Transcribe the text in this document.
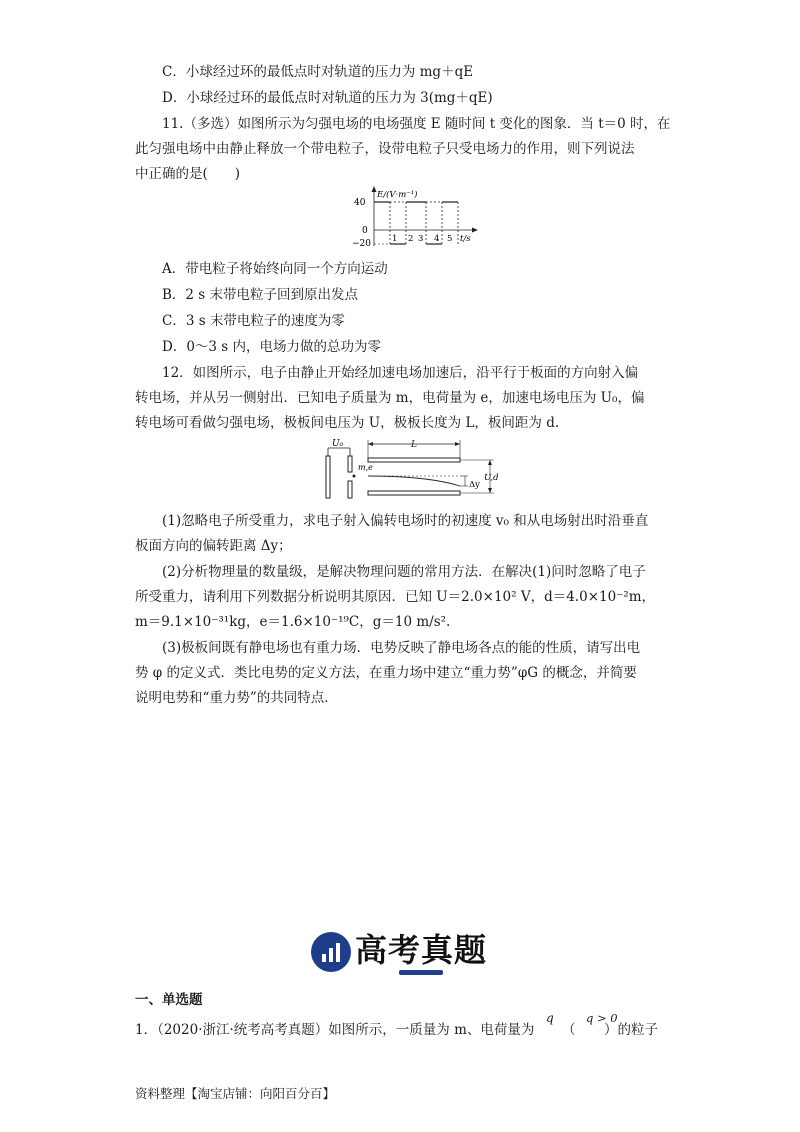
C．小球经过环的最低点时对轨道的压力为 mg＋qE
D．小球经过环的最低点时对轨道的压力为 3(mg＋qE)
11.（多选）如图所示为匀强电场的电场强度 E 随时间 t 变化的图象．当 t＝0 时，在
此匀强电场中由静止释放一个带电粒子，设带电粒子只受电场力的作用，则下列说法
中正确的是(　　)
E/(V·m⁻¹)
40
0
−20 1 2 3 4 5 t/s
A．带电粒子将始终向同一个方向运动
B．2 s 末带电粒子回到原出发点
C．3 s 末带电粒子的速度为零
D．0～3 s 内，电场力做的总功为零
12．如图所示，电子由静止开始经加速电场加速后，沿平行于板面的方向射入偏
转电场，并从另一侧射出．已知电子质量为 m，电荷量为 e，加速电场电压为 U₀，偏
转电场可看做匀强电场，极板间电压为 U，极板长度为 L，板间距为 d.
U₀	L
m,e
Δy
U,d
(1)忽略电子所受重力，求电子射入偏转电场时的初速度 v₀ 和从电场射出时沿垂直
板面方向的偏转距离 Δy；
(2)分析物理量的数量级，是解决物理问题的常用方法．在解决(1)问时忽略了电子
所受重力，请利用下列数据分析说明其原因．已知 U＝2.0×10² V，d＝4.0×10⁻²m，
m＝9.1×10⁻³¹kg，e＝1.6×10⁻¹⁹C，g＝10 m/s².
(3)极板间既有静电场也有重力场．电势反映了静电场各点的能的性质，请写出电
势 φ 的定义式．类比电势的定义方法，在重力场中建立“重力势”φG 的概念，并简要
说明电势和“重力势”的共同特点．
高考真题
一、单选题
1．（2020·浙江·统考高考真题）如图所示，一质量为 m、电荷量为
q	q > 0
（ ）的粒子
资料整理【淘宝店铺：向阳百分百】
